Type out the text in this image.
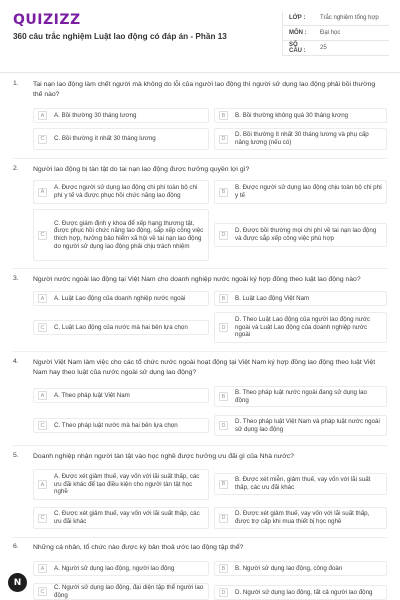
QUIZIZZ
360 câu trắc nghiệm Luật lao động có đáp án - Phần 13
LỚP :	Trắc nghiệm tổng hợp
MÔN :	Đại học
SỐ CÂU :	25
1. Tai nạn lao động làm chết người mà không do lỗi của người lao động thì người sử dụng lao động phải bồi thường thế nào?
A	A. Bồi thường 30 tháng lương	B	B. Bồi thường không quá 30 tháng lương
C	C. Bồi thường ít nhất 30 tháng lương	D
D. Bồi thường ít nhất 30 tháng lương và phụ cấp nâng lương (nếu có)
2. Người lao động bị tàn tật do tai nạn lao động được hưởng quyền lợi gì?
A
A. Được người sử dụng lao động chi phí toàn bộ chi phí y tế và được phục hồi chức năng lao động	B
B. Được người sử dụng lao động chịu toàn bộ chi phí y tế
C
C. Được giám định y khoa để xếp hạng thương tật, được phục hồi chức năng lao động, sắp xếp công việc thích hợp, hưởng bảo hiểm xã hội về tai nạn lao động do người sử dụng lao động phải chịu trách nhiệm
D
D. Được bồi thường mọi chi phí về tai nạn lao động và được sắp xếp công việc phù hợp
3. Người nước ngoài lao động tại Việt Nam cho doanh nghiệp nước ngoài ký hợp đồng theo luật lao động nào?
A	A. Luật Lao động của doanh nghiệp nước ngoài	B	B. Luật Lao động Việt Nam
C	C. Luật Lao động của nước mà hai bên lựa chọn	D
D. Theo Luật Lao động của người lao động nước ngoài và Luật Lao động của doanh nghiệp nước ngoài
4. Người Việt Nam làm việc cho các tổ chức nước ngoài hoạt động tại Việt Nam ký hợp đồng lao động theo luật Việt Nam hay theo luật của nước ngoài sử dụng lao động?
A	A. Theo pháp luật Việt Nam	B
B. Theo pháp luật nước ngoài đang sử dụng lao động
C	C. Theo pháp luật nước mà hai bên lựa chọn	D
D. Theo pháp luật Việt Nam và pháp luật nước ngoài sử dụng lao động
5. Doanh nghiệp nhận người tàn tật vào học nghề được hưởng ưu đãi gì của Nhà nước?
A
A. Được xét giảm thuế, vay vốn với lãi suất thấp, các ưu đãi khác để tạo điều kiện cho người tàn tật học nghề
B
B. Được xét miễn, giảm thuế, vay vốn với lãi suất thấp, các ưu đãi khác
C
C. Được xét giảm thuế, vay vốn với lãi suất thấp, các ưu đãi khác	D
D. Được xét giảm thuế, vay vốn với lãi suất thấp, được trợ cấp khi mua thiết bị học nghề
6. Những cá nhân, tổ chức nào được ký bản thoả ước lao động tập thể?
A	A. Người sử dụng lao động, người lao động	B	B. Người sử dụng lao động, công đoàn
C
C. Người sử dụng lao động, đại diện tập thể người lao động	D	D. Người sử dụng lao động, tất cả người lao động
N
